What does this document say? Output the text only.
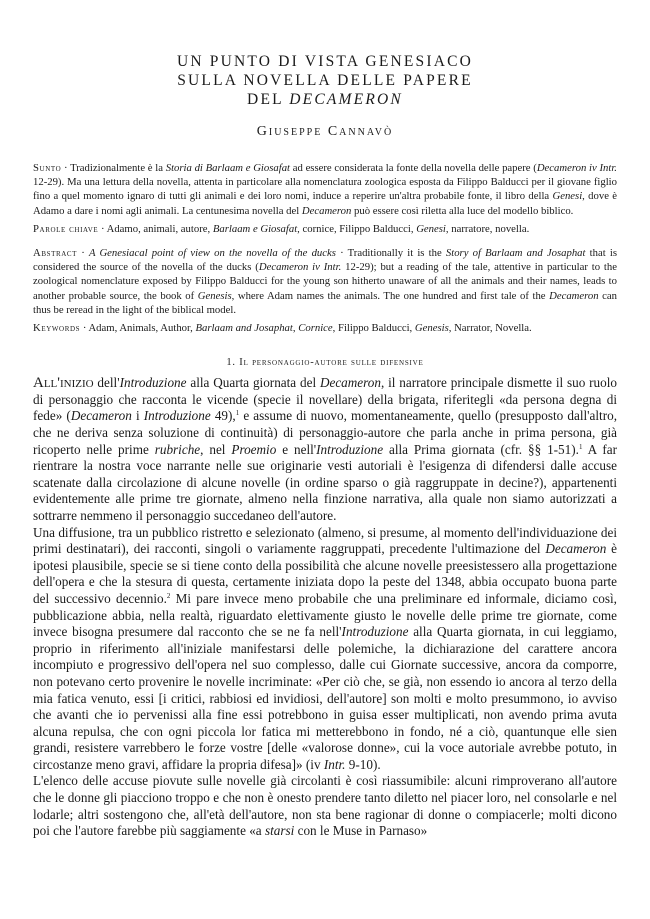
UN PUNTO DI VISTA GENESIACO
SULLA NOVELLA DELLE PAPERE
DEL DECAMERON
Giuseppe Cannavò

Sunto · Tradizionalmente è la Storia di Barlaam e Giosafat ad essere considerata la fonte della novella delle papere (Decameron iv Intr. 12-29). Ma una lettura della novella, attenta in particolare alla nomenclatura zoologica esposta da Filippo Balducci per il giovane figlio fino a quel momento ignaro di tutti gli animali e dei loro nomi, induce a reperire un'altra probabile fonte, il libro della Genesi, dove è Adamo a dare i nomi agli animali. La centunesima novella del Decameron può essere così riletta alla luce del modello biblico.

Parole chiave · Adamo, animali, autore, Barlaam e Giosafat, cornice, Filippo Balducci, Genesi, narratore, novella.

Abstract · A Genesiacal point of view on the novella of the ducks · Traditionally it is the Story of Barlaam and Josaphat that is considered the source of the novella of the ducks (Decameron iv Intr. 12-29); but a reading of the tale, attentive in particular to the zoological nomenclature exposed by Filippo Balducci for the young son hitherto unaware of all the animals and their names, leads to another probable source, the book of Genesis, where Adam names the animals. The one hundred and first tale of the Decameron can thus be reread in the light of the biblical model.

Keywords · Adam, Animals, Author, Barlaam and Josaphat, Cornice, Filippo Balducci, Genesis, Narrator, Novella.

1. Il personaggio-autore sulle difensive

All'inizio dell'Introduzione alla Quarta giornata del Decameron, il narratore principale dismette il suo ruolo di personaggio che racconta le vicende (specie il novellare) della brigata, riferitegli «da persona degna di fede» (Decameron i Introduzione 49),$^1$ e assume di nuovo, momentaneamente, quello (presupposto dall'altro, che ne deriva senza soluzione di continuità) di personaggio-autore che parla anche in prima persona, già ricoperto nelle prime rubriche, nel Proemio e nell'Introduzione alla Prima giornata (cfr. §§ 1-51).$^1$ A far rientrare la nostra voce narrante nelle sue originarie vesti autoriali è l'esigenza di difendersi dalle accuse scatenate dalla circolazione di alcune novelle (in ordine sparso o già raggruppate in decine?), appartenenti evidentemente alle prime tre giornate, almeno nella finzione narrativa, alla quale non siamo autorizzati a sottrarre nemmeno il personaggio succedaneo dell'autore.

Una diffusione, tra un pubblico ristretto e selezionato (almeno, si presume, al momento dell'individuazione dei primi destinatari), dei racconti, singoli o variamente raggruppati, precedente l'ultimazione del Decameron è ipotesi plausibile, specie se si tiene conto della possibilità che alcune novelle preesistessero alla progettazione dell'opera e che la stesura di questa, certamente iniziata dopo la peste del 1348, abbia occupato buona parte del successivo decennio.$^2$ Mi pare invece meno probabile che una preliminare ed informale, diciamo così, pubblicazione abbia, nella realtà, riguardato elettivamente giusto le novelle delle prime tre giornate, come invece bisogna presumere dal racconto che se ne fa nell'Introduzione alla Quarta giornata, in cui leggiamo, proprio in riferimento all'iniziale manifestarsi delle polemiche, la dichiarazione del carattere ancora incompiuto e progressivo dell'opera nel suo complesso, dalle cui Giornate successive, ancora da comporre, non potevano certo provenire le novelle incriminate: «Per ciò che, se già, non essendo io ancora al terzo della mia fatica venuto, essi [i critici, rabbiosi ed invidiosi, dell'autore] son molti e molto presummono, io avviso che avanti che io pervenissi alla fine essi potrebbono in guisa esser multiplicati, non avendo prima avuta alcuna repulsa, che con ogni piccola lor fatica mi metterebbono in fondo, né a ciò, quantunque elle sien grandi, resistere varrebbero le forze vostre [delle «valorose donne», cui la voce autoriale avrebbe potuto, in circostanze meno gravi, affidare la propria difesa]» (iv Intr. 9-10).

L'elenco delle accuse piovute sulle novelle già circolanti è così riassumibile: alcuni rimproverano all'autore che le donne gli piacciono troppo e che non è onesto prendere tanto diletto nel piacer loro, nel consolarle e nel lodarle; altri sostengono che, all'età dell'autore, non sta bene ragionar di donne o compiacerle; molti dicono poi che l'autore farebbe più saggiamente «a starsi con le Muse in Parnaso»
